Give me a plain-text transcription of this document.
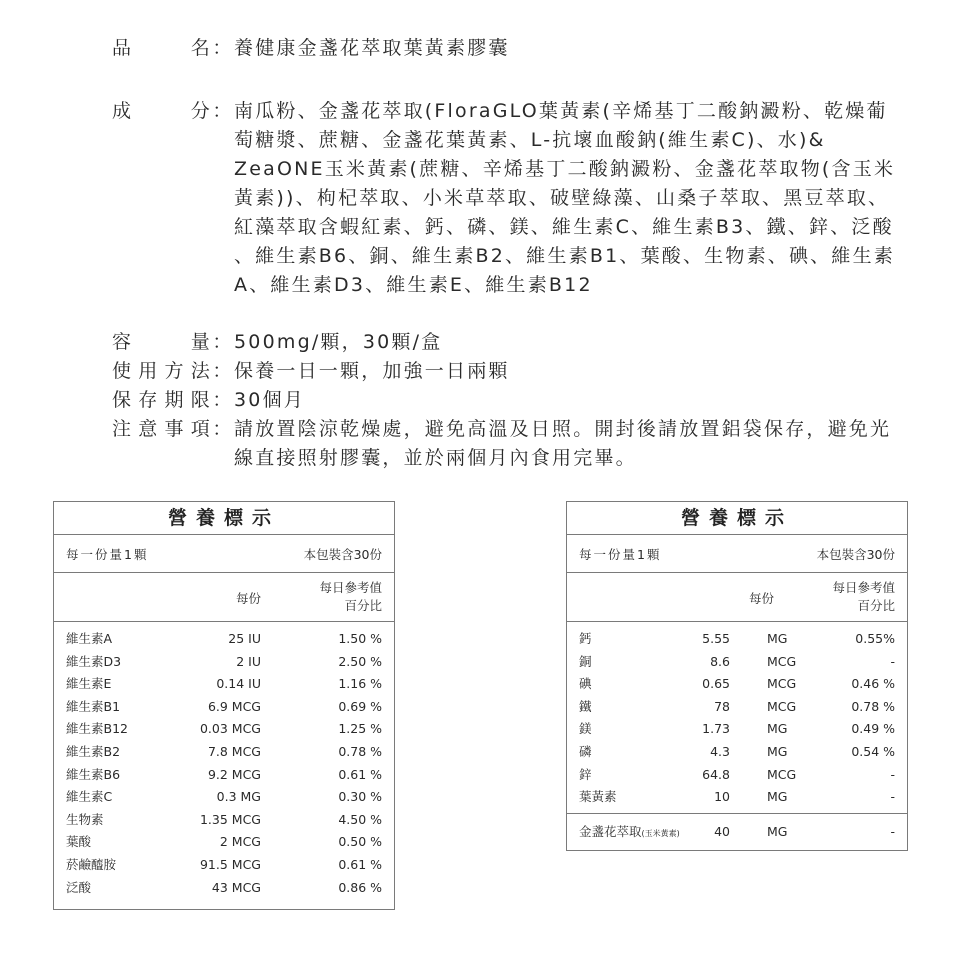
品	名 ： 養健康金盞花萃取葉黃素膠囊
成	分 ： 南瓜粉、金盞花萃取(FloraGLO葉黃素(辛烯基丁二酸鈉澱粉、乾燥葡

萄糖漿、蔗糖、金盞花葉黃素、L-抗壞血酸鈉(維生素C)、水)&

ZeaONE玉米黃素(蔗糖、辛烯基丁二酸鈉澱粉、金盞花萃取物(含玉米

黃素))、枸杞萃取、小米草萃取、破壁綠藻、山桑子萃取、黑豆萃取、

紅藻萃取含蝦紅素、鈣、磷、鎂、維生素C、維生素B3、鐵、鋅、泛酸

、維生素B6、銅、維生素B2、維生素B1、葉酸、生物素、碘、維生素

A、維生素D3、維生素E、維生素B12

容	量 ： 500mg/顆，30顆/盒
使 用 方 法 ： 保養一日一顆，加強一日兩顆
保 存 期 限 ： 30個月
注 意 事 項 ： 請放置陰涼乾燥處，避免高溫及日照。開封後請放置鋁袋保存，避免光

線直接照射膠囊，並於兩個月內食用完畢。

營養標示
每一份量1顆	本包裝含30份
每份
每日參考值
百分比
維生素A	25 IU	1.50 %
維生素D3	2 IU	2.50 %
維生素E	0.14 IU	1.16 %
維生素B1	6.9 MCG	0.69 %
維生素B12	0.03 MCG	1.25 %
維生素B2	7.8 MCG	0.78 %
維生素B6	9.2 MCG	0.61 %
維生素C	0.3 MG	0.30 %
生物素	1.35 MCG	4.50 %
葉酸	2 MCG	0.50 %
菸鹼醯胺	91.5 MCG	0.61 %
泛酸	43 MCG	0.86 %
營養標示
每一份量1顆	本包裝含30份
每份
每日參考值
百分比
鈣	5.55	MG	0.55%
銅	8.6	MCG	-
碘	0.65	MCG	0.46 %
鐵	78	MCG	0.78 %
鎂	1.73	MG	0.49 %
磷	4.3	MG	0.54 %
鋅	64.8	MCG	-
葉黃素	10	MG	-
金盞花萃取(玉米黃素)	40	MG	-
